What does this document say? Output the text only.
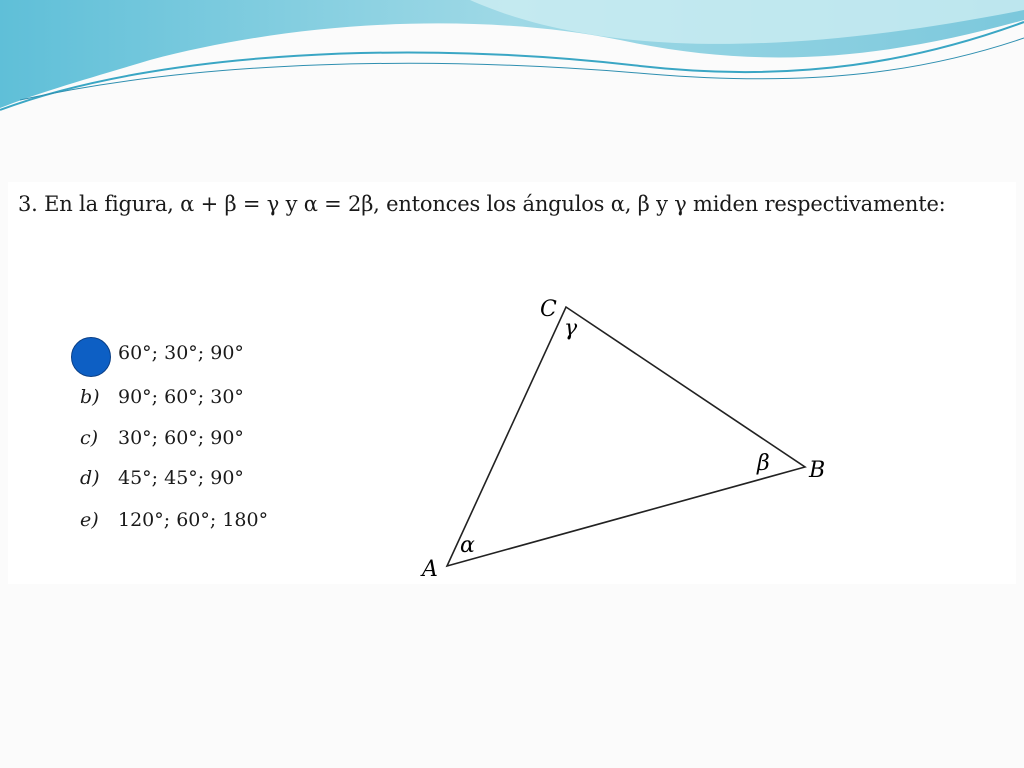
3. En la figura, α + β = γ y α = 2β, entonces los ángulos α, β y γ miden respectivamente:
60°; 30°; 90°
b) 90°; 60°; 30°
c) 30°; 60°; 90°
d) 45°; 45°; 90°
e) 120°; 60°; 180°
A
B
C
α
β
γ
